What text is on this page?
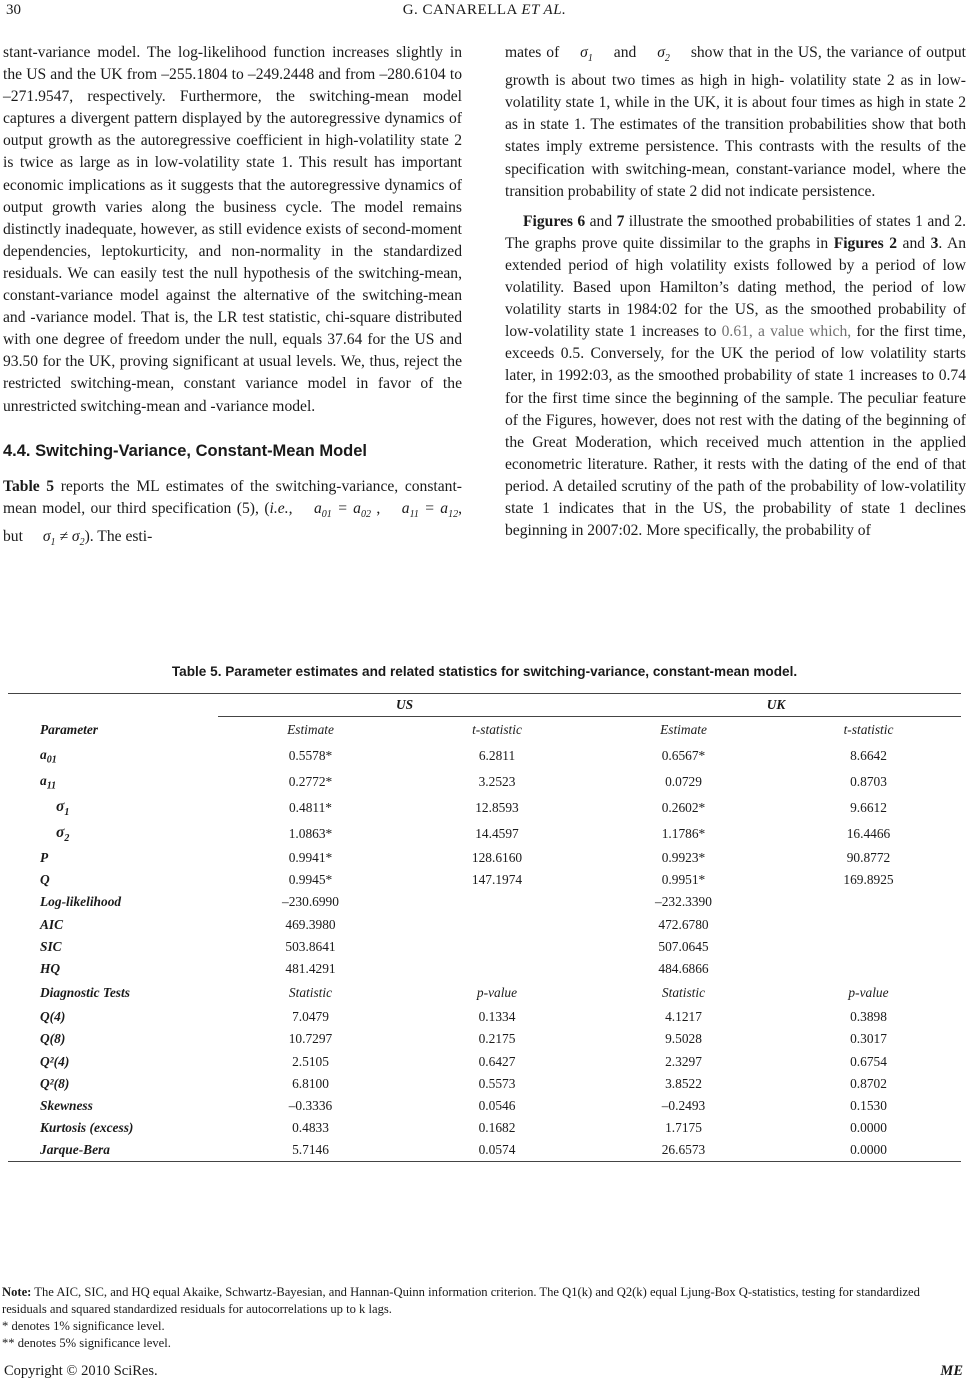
30	G. CANARELLA ET AL.

stant-variance model. The log-likelihood function increases slightly in the US and the UK from –255.1804 to –249.2448 and from –280.6104 to –271.9547, respectively. Furthermore, the switching-mean model captures a divergent pattern displayed by the autoregressive dynamics of output growth as the autoregressive coefficient in high-volatility state 2 is twice as large as in low-volatility state 1. This result has important economic implications as it suggests that the autoregressive dynamics of output growth varies along the business cycle. The model remains distinctly inadequate, however, as still evidence exists of second-moment dependencies, leptokurticity, and non-normality in the standardized residuals. We can easily test the null hypothesis of the switching-mean, constant-variance model against the alternative of the switching-mean and -variance model. That is, the LR test statistic, chi-square distributed with one degree of freedom under the null, equals 37.64 for the US and 93.50 for the UK, proving significant at usual levels. We, thus, reject the restricted switching-mean, constant variance model in favor of the unrestricted switching-mean and -variance model.

4.4. Switching-Variance, Constant-Mean Model

Table 5 reports the ML estimates of the switching-variance, constant-mean model, our third specification (5), (i.e., $a_{01} = a_{02}$ , $a_{11} = a_{12}$, but $\sigma_1 \ne \sigma_2$). The esti-

mates of $\sigma_1$ and $\sigma_2$ show that in the US, the variance of output growth is about two times as high in high- volatility state 2 as in low-volatility state 1, while in the UK, it is about four times as high in state 2 as in state 1. The estimates of the transition probabilities show that both states imply extreme persistence. This contrasts with the results of the specification with switching-mean, constant-variance model, where the transition probability of state 2 did not indicate persistence.

Figures 6 and 7 illustrate the smoothed probabilities of states 1 and 2. The graphs prove quite dissimilar to the graphs in Figures 2 and 3. An extended period of high volatility exists followed by a period of low volatility. Based upon Hamilton’s dating method, the period of low volatility starts in 1984:02 for the US, as the smoothed probability of low-volatility state 1 increases to 0.61, a value which, for the first time, exceeds 0.5. Conversely, for the UK the period of low volatility starts later, in 1992:03, as the smoothed probability of state 1 increases to 0.74 for the first time since the beginning of the sample. The peculiar feature of the Figures, however, does not rest with the dating of the beginning of the Great Moderation, which received much attention in the applied econometric literature. Rather, it rests with the dating of the end of that period. A detailed scrutiny of the path of the probability of low-volatility state 1 indicates that in the US, the probability of state 1 declines beginning in 2007:02. More specifically, the probability of

Table 5. Parameter estimates and related statistics for switching-variance, constant-mean model.
	US		UK	
Parameter	Estimate	t-statistic	Estimate	t-statistic
$a_{01}$	0.5578*	6.2811	0.6567*	8.6642
$a_{11}$	0.2772*	3.2523	0.0729	0.8703
$\sigma_1$	0.4811*	12.8593	0.2602*	9.6612
$\sigma_2$	1.0863*	14.4597	1.1786*	16.4466
P	0.9941*	128.6160	0.9923*	90.8772
Q	0.9945*	147.1974	0.9951*	169.8925
Log-likelihood	–230.6990		–232.3390	
AIC	469.3980		472.6780	
SIC	503.8641		507.0645	
HQ	481.4291		484.6866	
Diagnostic Tests	Statistic	p-value	Statistic	p-value
Q(4)	7.0479	0.1334	4.1217	0.3898
Q(8)	10.7297	0.2175	9.5028	0.3017
Q²(4)	2.5105	0.6427	2.3297	0.6754
Q²(8)	6.8100	0.5573	3.8522	0.8702
Skewness	–0.3336	0.0546	–0.2493	0.1530
Kurtosis (excess)	0.4833	0.1682	1.7175	0.0000
Jarque-Bera	5.7146	0.0574	26.6573	0.0000
Note: The AIC, SIC, and HQ equal Akaike, Schwartz-Bayesian, and Hannan-Quinn information criterion. The Q1(k) and Q2(k) equal Ljung-Box Q-statistics, testing for standardized residuals and squared standardized residuals for autocorrelations up to k lags.
* denotes 1% significance level.
** denotes 5% significance level.
Copyright © 2010 SciRes.	ME
